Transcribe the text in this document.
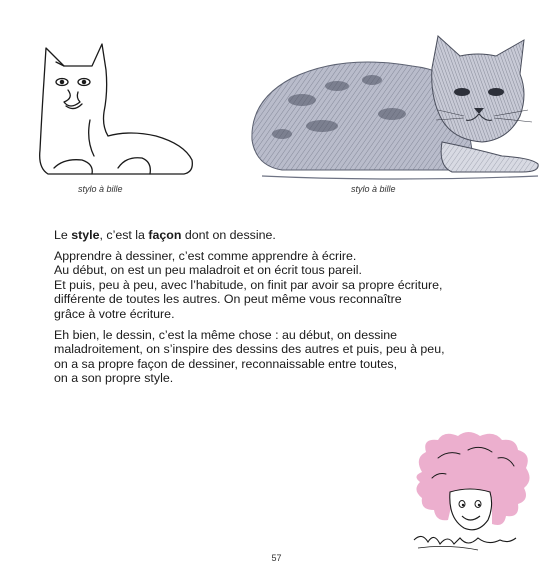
stylo à bille	stylo à bille

Le style, c’est la façon dont on dessine.

Apprendre à dessiner, c’est comme apprendre à écrire.
Au début, on est un peu maladroit et on écrit tous pareil.
Et puis, peu à peu, avec l’habitude, on finit par avoir sa propre écriture,
différente de toutes les autres. On peut même vous reconnaître
grâce à votre écriture.

Eh bien, le dessin, c’est la même chose : au début, on dessine
maladroitement, on s’inspire des dessins des autres et puis, peu à peu,
on a sa propre façon de dessiner, reconnaissable entre toutes,
on a son propre style.

57
